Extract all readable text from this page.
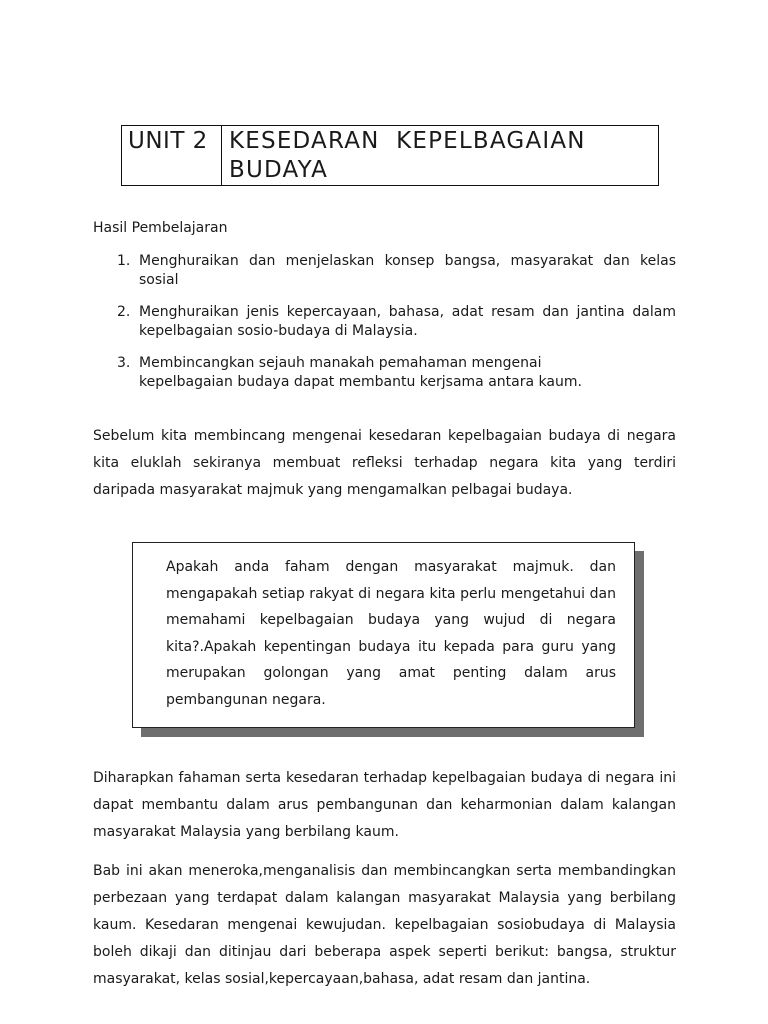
UNIT 2 KESEDARAN KEPELBAGAIAN BUDAYA
Hasil Pembelajaran
1. Menghuraikan dan menjelaskan konsep bangsa, masyarakat dan kelas sosial
2. Menghuraikan jenis kepercayaan, bahasa, adat resam dan jantina dalam kepelbagaian sosio-budaya di Malaysia.
3. Membincangkan sejauh manakah pemahaman mengenai kepelbagaian budaya dapat membantu kerjsama antara kaum.

Sebelum kita membincang mengenai kesedaran kepelbagaian budaya di negara kita eluklah sekiranya membuat refleksi terhadap negara kita yang terdiri daripada masyarakat majmuk yang mengamalkan pelbagai budaya.

Apakah anda faham dengan masyarakat majmuk. dan mengapakah setiap rakyat di negara kita perlu mengetahui dan memahami kepelbagaian budaya yang wujud di negara kita?.Apakah kepentingan budaya itu kepada para guru yang merupakan golongan yang amat penting dalam arus pembangunan negara.

Diharapkan fahaman serta kesedaran terhadap kepelbagaian budaya di negara ini dapat membantu dalam arus pembangunan dan keharmonian dalam kalangan masyarakat Malaysia yang berbilang kaum.

Bab ini akan meneroka,menganalisis dan membincangkan serta membandingkan perbezaan yang terdapat dalam kalangan masyarakat Malaysia yang berbilang kaum. Kesedaran mengenai kewujudan. kepelbagaian sosiobudaya di Malaysia boleh dikaji dan ditinjau dari beberapa aspek seperti berikut: bangsa, struktur masyarakat, kelas sosial,kepercayaan,bahasa, adat resam dan jantina.
